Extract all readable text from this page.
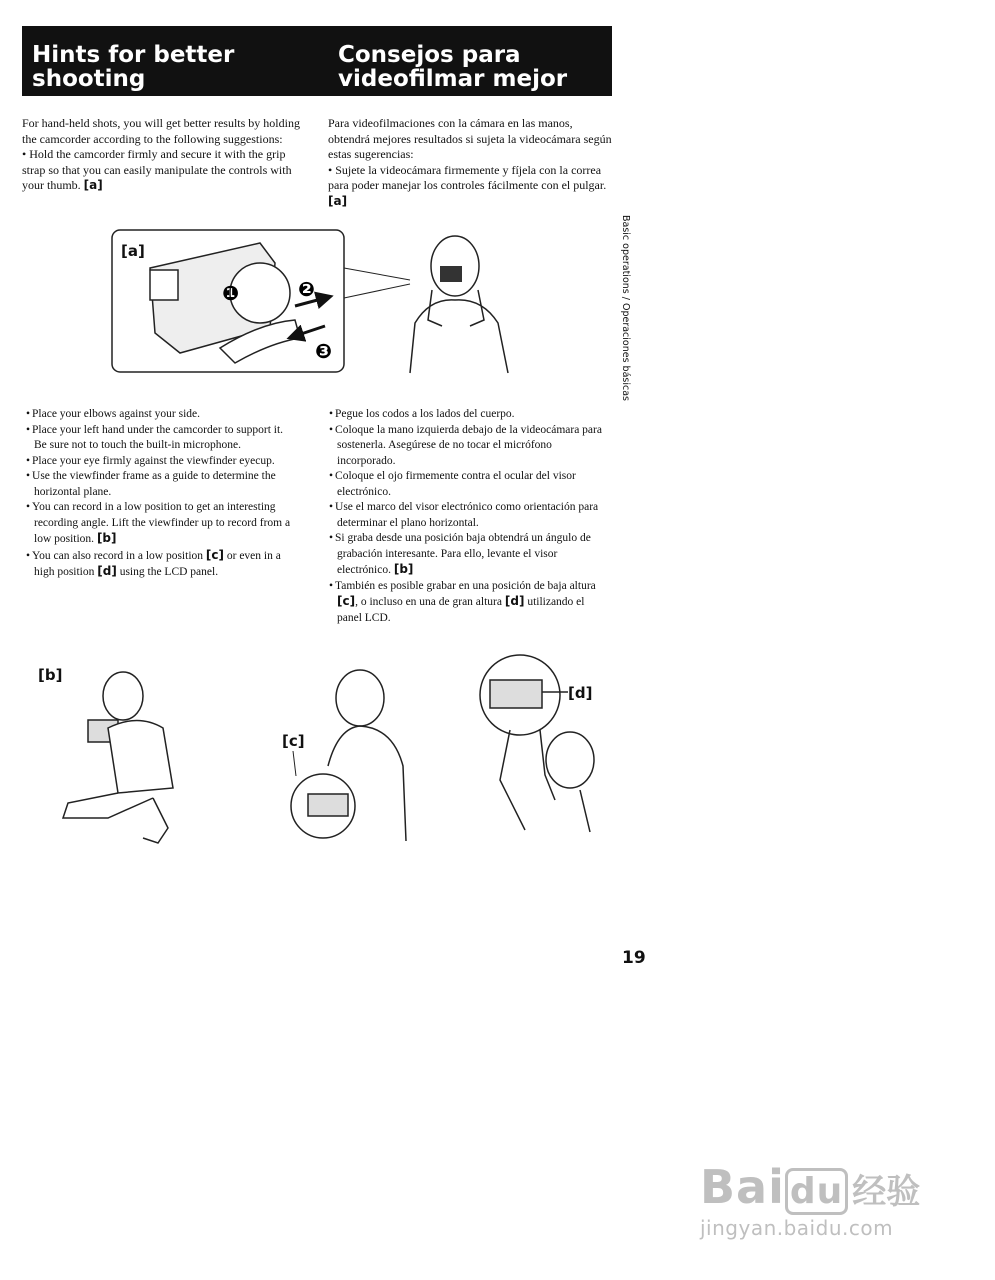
Hints for better
shooting
Consejos para
videofilmar mejor
For hand-held shots, you will get better results by holding the camcorder according to the following suggestions:
• Hold the camcorder firmly and secure it with the grip strap so that you can easily manipulate the controls with your thumb. [a]
Para videofilmaciones con la cámara en las manos, obtendrá mejores resultados si sujeta la videocámara según estas sugerencias:
• Sujete la videocámara firmemente y fíjela con la correa para poder manejar los controles fácilmente con el pulgar. [a]
[a]
❶	❷
❸
• Place your elbows against your side.
• Place your left hand under the camcorder to support it. Be sure not to touch the built-in microphone.
• Place your eye firmly against the viewfinder eyecup.
• Use the viewfinder frame as a guide to determine the horizontal plane.
• You can record in a low position to get an interesting recording angle. Lift the viewfinder up to record from a low position. [b]
• You can also record in a low position [c] or even in a high position [d] using the LCD panel.
• Pegue los codos a los lados del cuerpo.
• Coloque la mano izquierda debajo de la videocámara para sostenerla. Asegúrese de no tocar el micrófono incorporado.
• Coloque el ojo firmemente contra el ocular del visor electrónico.
• Use el marco del visor electrónico como orientación para determinar el plano horizontal.
• Si graba desde una posición baja obtendrá un ángulo de grabación interesante. Para ello, levante el visor electrónico. [b]
• También es posible grabar en una posición de baja altura [c], o incluso en una de gran altura [d] utilizando el panel LCD.
[b]
[c]
[d]
Basic operations / Operaciones básicas
19
Bai du 经验
jingyan.baidu.com
